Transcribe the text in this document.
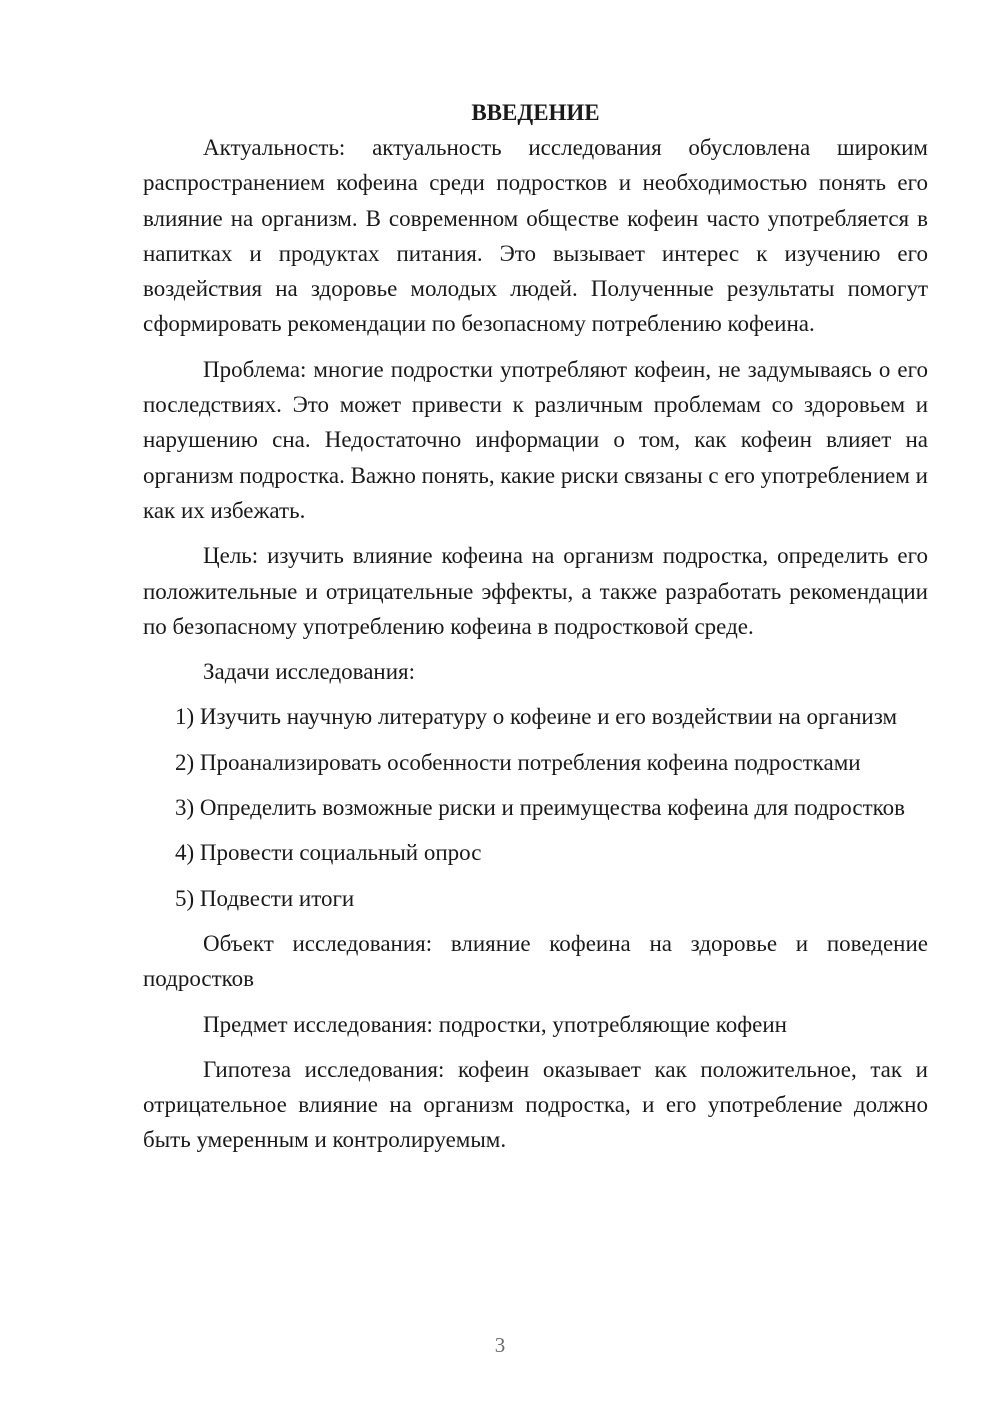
ВВЕДЕНИЕ

Актуальность: актуальность исследования обусловлена широким распространением кофеина среди подростков и необходимостью понять его влияние на организм. В современном обществе кофеин часто употребляется в напитках и продуктах питания. Это вызывает интерес к изучению его воздействия на здоровье молодых людей. Полученные результаты помогут сформировать рекомендации по безопасному потреблению кофеина.

Проблема: многие подростки употребляют кофеин, не задумываясь о его последствиях. Это может привести к различным проблемам со здоровьем и нарушению сна. Недостаточно информации о том, как кофеин влияет на организм подростка. Важно понять, какие риски связаны с его употреблением и как их избежать.

Цель: изучить влияние кофеина на организм подростка, определить его положительные и отрицательные эффекты, а также разработать рекомендации по безопасному употреблению кофеина в подростковой среде.

Задачи исследования:

1) Изучить научную литературу о кофеине и его воздействии на организм

2) Проанализировать особенности потребления кофеина подростками

3) Определить возможные риски и преимущества кофеина для подростков

4) Провести социальный опрос

5) Подвести итоги

Объект исследования: влияние кофеина на здоровье и поведение подростков

Предмет исследования: подростки, употребляющие кофеин

Гипотеза исследования: кофеин оказывает как положительное, так и отрицательное влияние на организм подростка, и его употребление должно быть умеренным и контролируемым.

3
